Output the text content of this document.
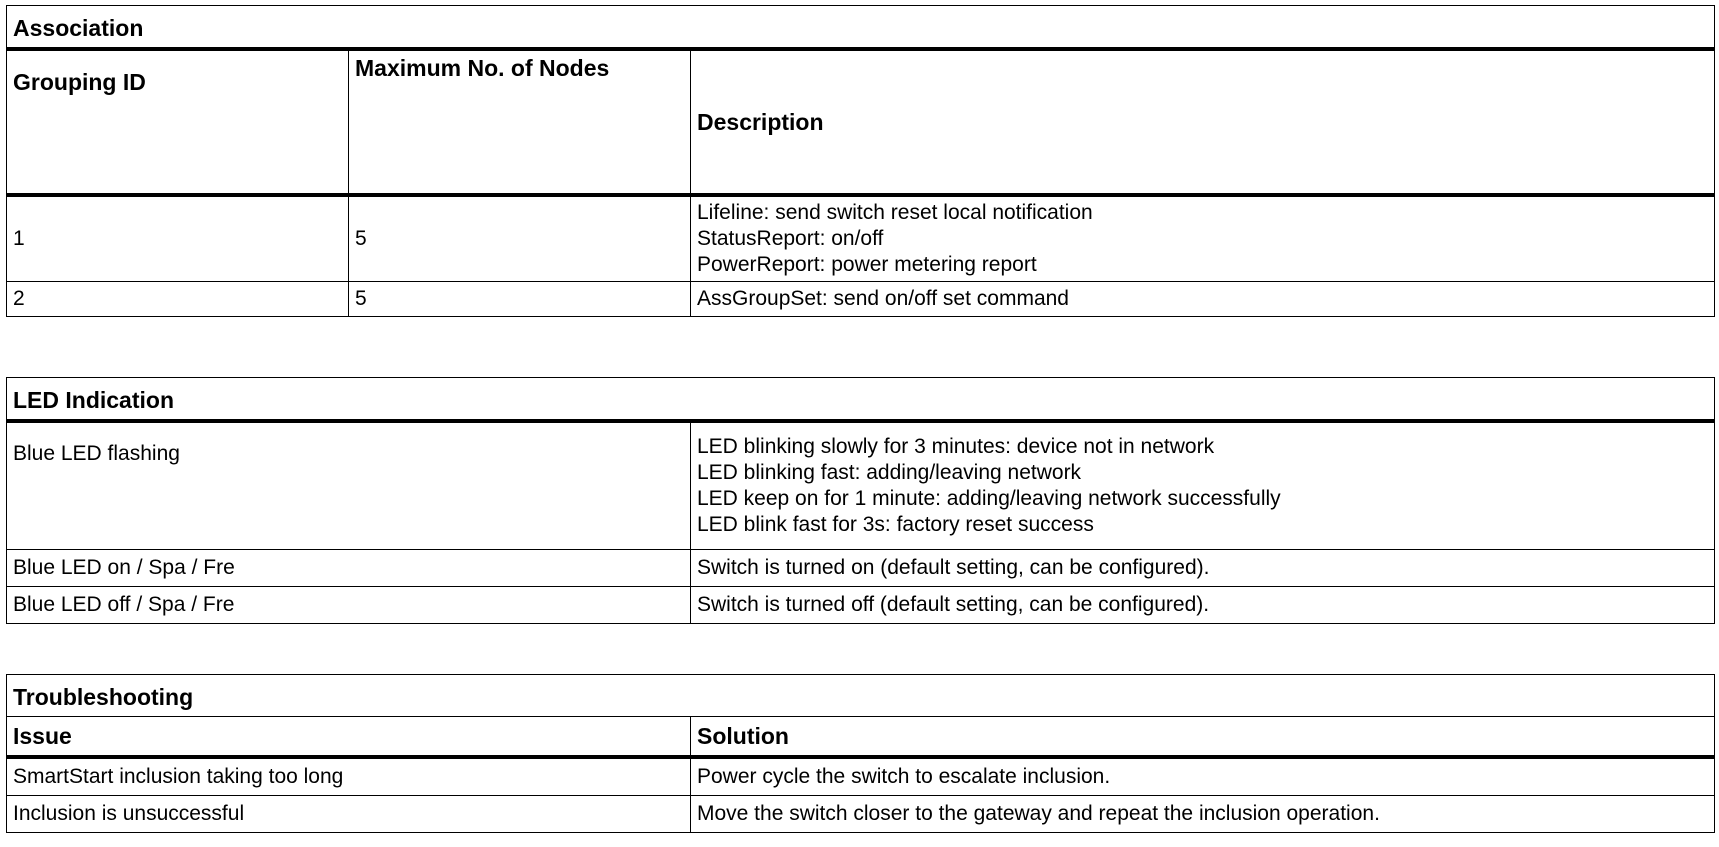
Association		
Grouping ID	Maximum No. of Nodes	Description
1	5	Lifeline: send switch reset local notification
StatusReport: on/off
PowerReport: power metering report

2	5	AssGroupSet: send on/off set command
LED Indication	
Blue LED flashing	LED blinking slowly for 3 minutes: device not in network
LED blinking fast: adding/leaving network
LED keep on for 1 minute: adding/leaving network successfully
LED blink fast for 3s: factory reset success

Blue LED on / Spa / Fre	Switch is turned on (default setting, can be configured).
Blue LED off / Spa / Fre	Switch is turned off (default setting, can be configured).
Troubleshooting	
Issue	Solution
SmartStart inclusion taking too long	Power cycle the switch to escalate inclusion.
Inclusion is unsuccessful	Move the switch closer to the gateway and repeat the inclusion operation.
